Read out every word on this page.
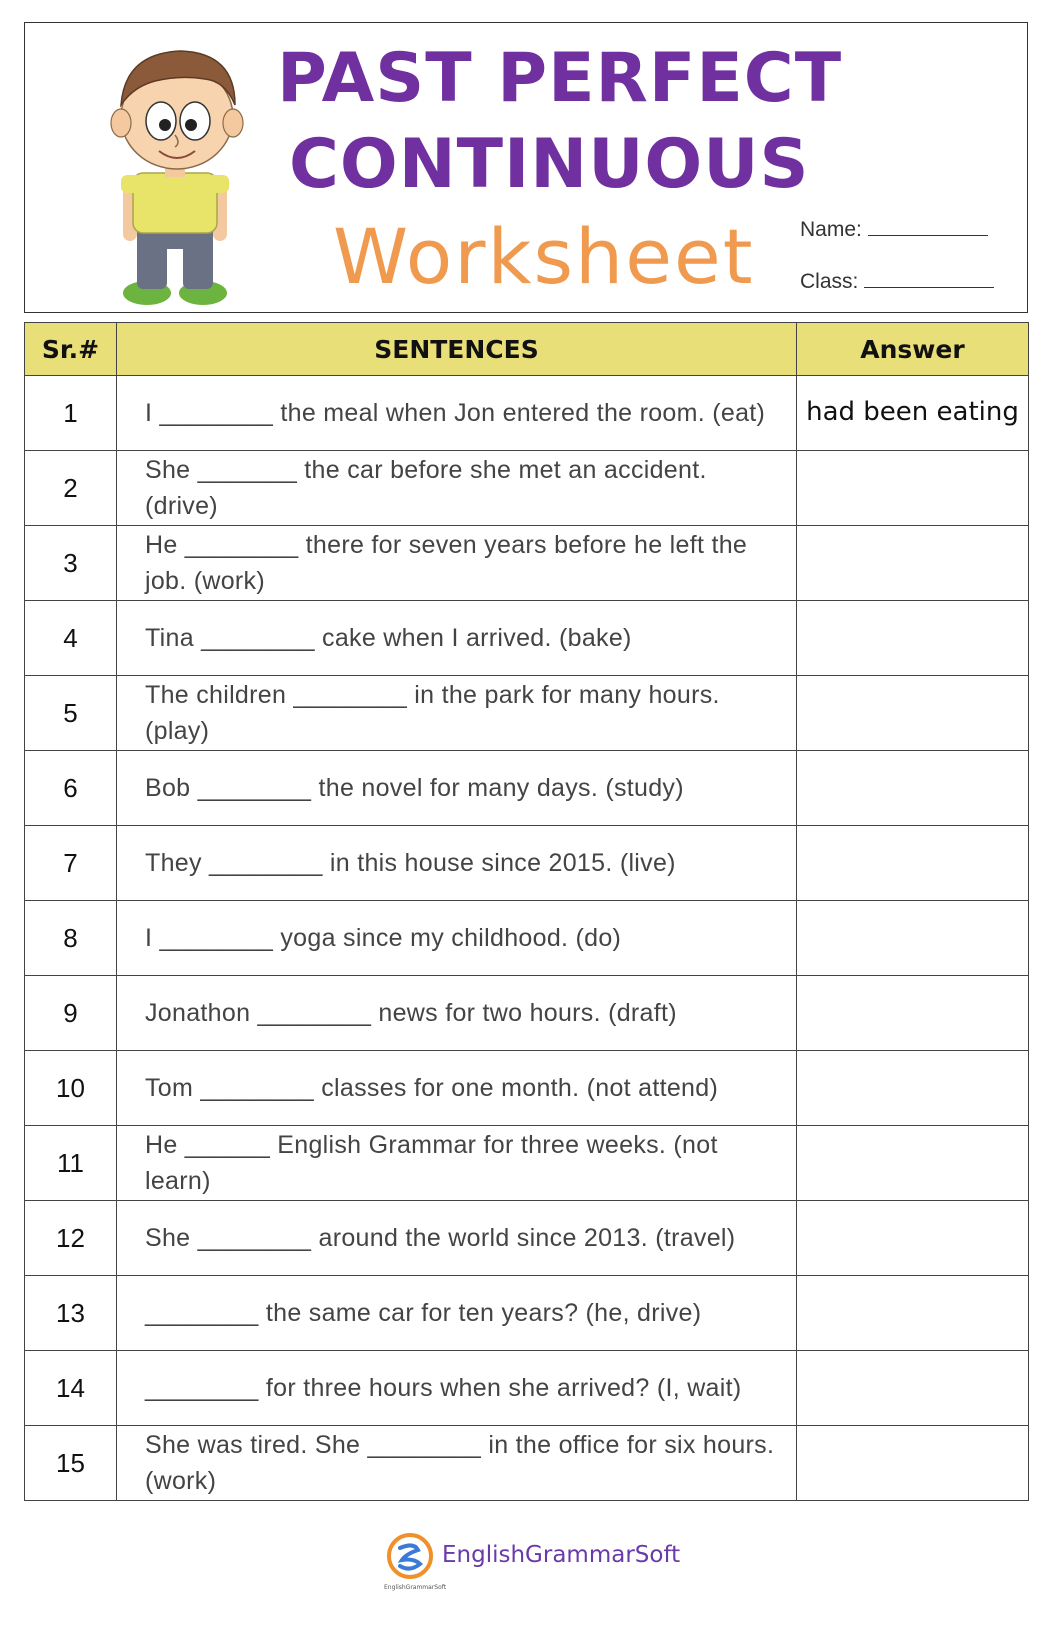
PAST PERFECT
CONTINUOUS
Worksheet Name:
Class:
Sr.#	SENTENCES	Answer
1	I ________ the meal when Jon entered the room. (eat)	had been eating
2	She _______ the car before she met an accident. (drive)	
3	He ________ there for seven years before he left the job. (work)	
4	Tina ________ cake when I arrived. (bake)	
5	The children ________ in the park for many hours. (play)	
6	Bob ________ the novel for many days. (study)	
7	They ________ in this house since 2015. (live)	
8	I ________ yoga since my childhood. (do)	
9	Jonathon ________ news for two hours. (draft)	
10	Tom ________ classes for one month. (not attend)	
11	He ______ English Grammar for three weeks. (not learn)	
12	She ________ around the world since 2013. (travel)	
13	________ the same car for ten years? (he, drive)	
14	________ for three hours when she arrived? (I, wait)	
15	She was tired. She ________ in the office for six hours. (work)	
EnglishGrammarSoft
EnglishGrammarSoft
